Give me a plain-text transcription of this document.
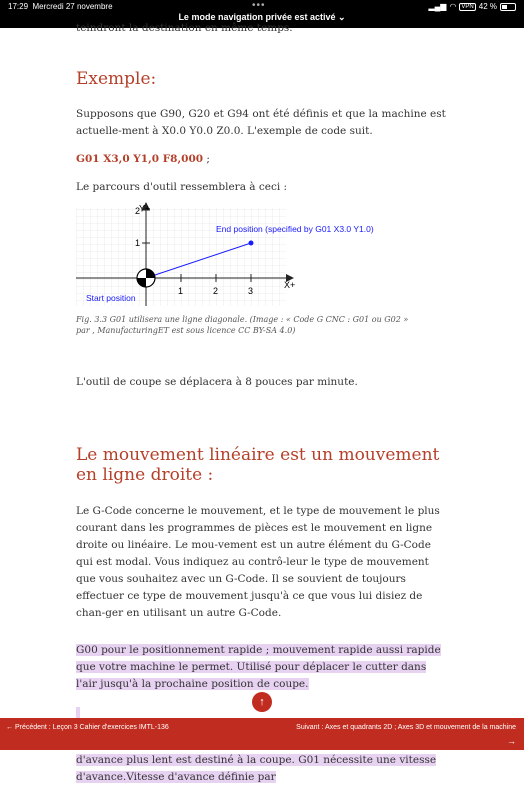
17:29 Mercredi 27 novembre	•••	▂▄▆ ◠ VPN 42 %
Le mode navigation privée est activé ⌄

teindront la destination en même temps.

Exemple:

Supposons que G90, G20 et G94 ont été définis et que la machine est actuelle-ment à X0.0 Y0.0 Z0.0. L'exemple de code suit.

G01 X3,0 Y1,0 F8,000 ;

Le parcours d'outil ressemblera à ceci :

1	2	3
1
2
Y+
X+
End position (specified by G01 X3.0 Y1.0)
Start position

Fig. 3.3 G01 utilisera une ligne diagonale. (Image : « Code G CNC : G01 ou G02 » par , ManufacturingET est sous licence CC BY-SA 4.0)

L'outil de coupe se déplacera à 8 pouces par minute.

Le mouvement linéaire est un mouvement en ligne droite :

Le G-Code concerne le mouvement, et le type de mouvement le plus courant dans les programmes de pièces est le mouvement en ligne droite ou linéaire. Le mou-vement est un autre élément du G-Code qui est modal. Vous indiquez au contrô-leur le type de mouvement que vous souhaitez avec un G-Code. Il se souvient de toujours effectuer ce type de mouvement jusqu'à ce que vous lui disiez de chan-ger en utilisant un autre G-Code.

G00 pour le positionnement rapide ; mouvement rapide aussi rapide que votre machine le permet. Utilisé pour déplacer le cutter dans l'air jusqu'à la prochaine position de coupe.

d'avance plus lent est destiné à la coupe. G01 nécessite une vitesse d'avance.Vitesse d'avance définie par

↑
← Précédent : Leçon 3 Cahier d'exercices IMTL-136	Suivant : Axes et quadrants 2D ; Axes 3D et mouvement de la machine
→
